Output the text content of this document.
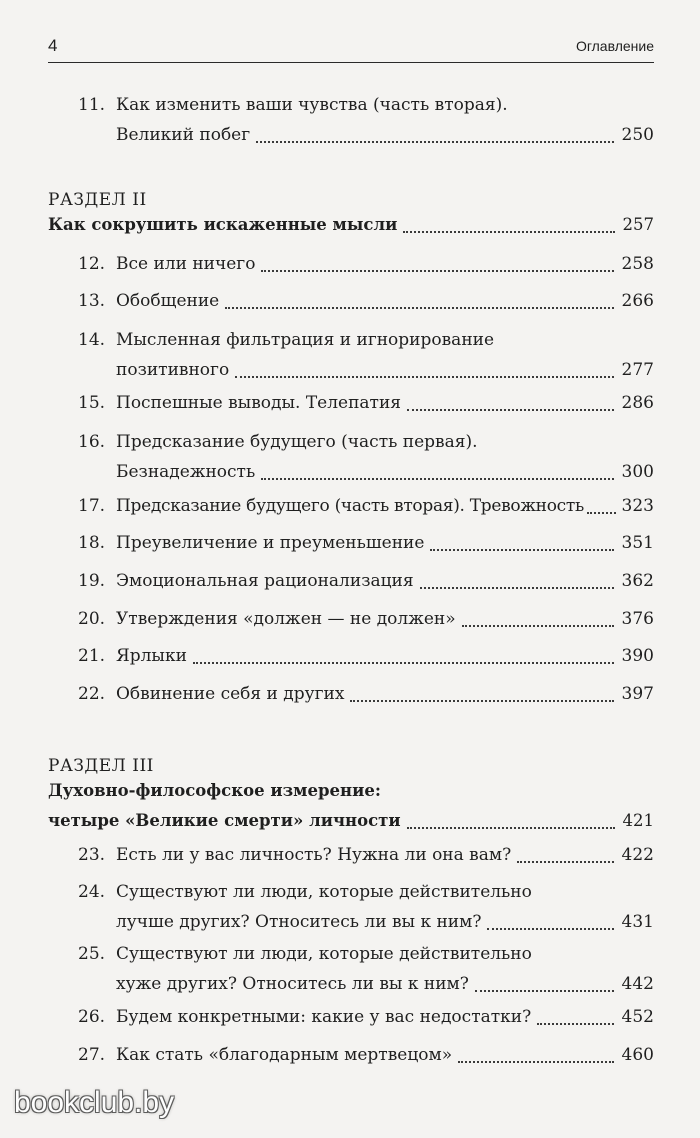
4	Оглавление
11. Как изменить ваши чувства (часть вторая).
Великий побег	250
РАЗДЕЛ II
Как сокрушить искаженные мысли	257
12. Все или ничего	258
13. Обобщение	266
14. Мысленная фильтрация и игнорирование
позитивного	277
15. Поспешные выводы. Телепатия	286
16. Предсказание будущего (часть первая).
Безнадежность	300
17. Предсказание будущего (часть вторая). Тревожность 323
18. Преувеличение и преуменьшение	351
19. Эмоциональная рационализация	362
20. Утверждения «должен — не должен»	376
21. Ярлыки	390
22. Обвинение себя и других	397
РАЗДЕЛ III
Духовно-философское измерение:
четыре «Великие смерти» личности	421
23. Есть ли у вас личность? Нужна ли она вам?	422
24. Существуют ли люди, которые действительно
лучше других? Относитесь ли вы к ним?	431
25. Существуют ли люди, которые действительно
хуже других? Относитесь ли вы к ним?	442
26. Будем конкретными: какие у вас недостатки?	452
27. Как стать «благодарным мертвецом»	460
bookclub.by
